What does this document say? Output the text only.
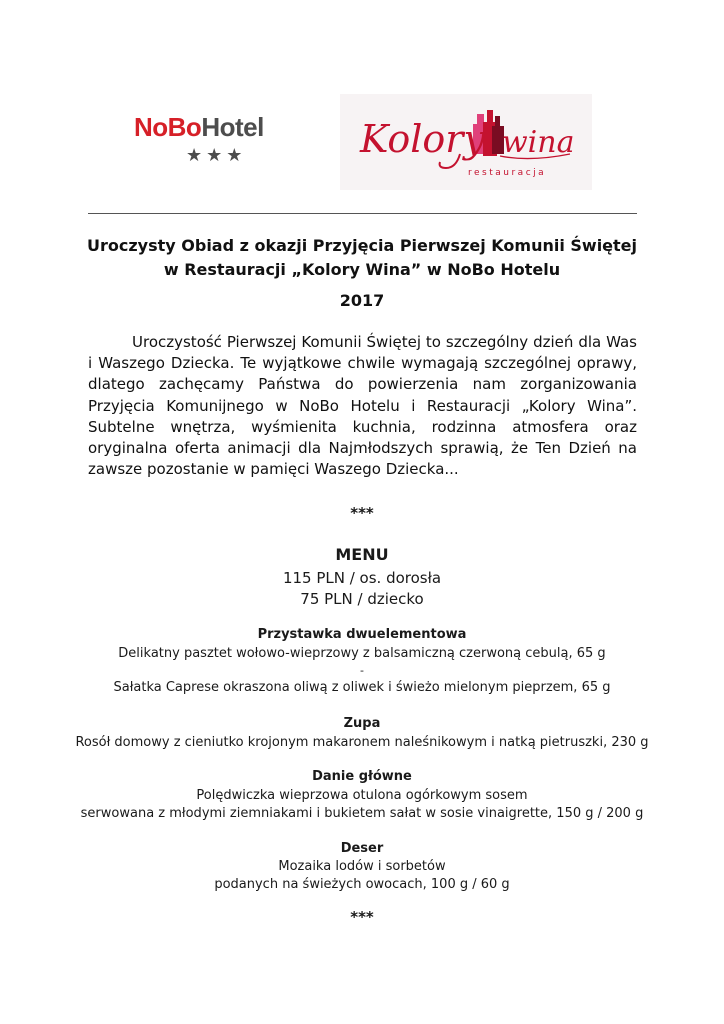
NoBoHotel
★★★	Kolory wina
restauracja
Uroczysty Obiad z okazji Przyjęcia Pierwszej Komunii Świętej
w Restauracji „Kolory Wina” w NoBo Hotelu
2017
Uroczystość Pierwszej Komunii Świętej to szczególny dzień dla Was i Waszego Dziecka. Te wyjątkowe chwile wymagają szczególnej oprawy, dlatego zachęcamy Państwa do powierzenia nam zorganizowania Przyjęcia Komunijnego w NoBo Hotelu i Restauracji „Kolory Wina”. Subtelne wnętrza, wyśmienita kuchnia, rodzinna atmosfera oraz oryginalna oferta animacji dla Najmłodszych sprawią, że Ten Dzień na zawsze pozostanie w pamięci Waszego Dziecka...
***
MENU
115 PLN / os. dorosła
75 PLN / dziecko
Przystawka dwuelementowa
Delikatny pasztet wołowo-wieprzowy z balsamiczną czerwoną cebulą, 65 g
-
Sałatka Caprese okraszona oliwą z oliwek i świeżo mielonym pieprzem, 65 g
Zupa
Rosół domowy z cieniutko krojonym makaronem naleśnikowym i natką pietruszki, 230 g
Danie główne
Polędwiczka wieprzowa otulona ogórkowym sosem
serwowana z młodymi ziemniakami i bukietem sałat w sosie vinaigrette, 150 g / 200 g
Deser
Mozaika lodów i sorbetów
podanych na świeżych owocach, 100 g / 60 g
***
